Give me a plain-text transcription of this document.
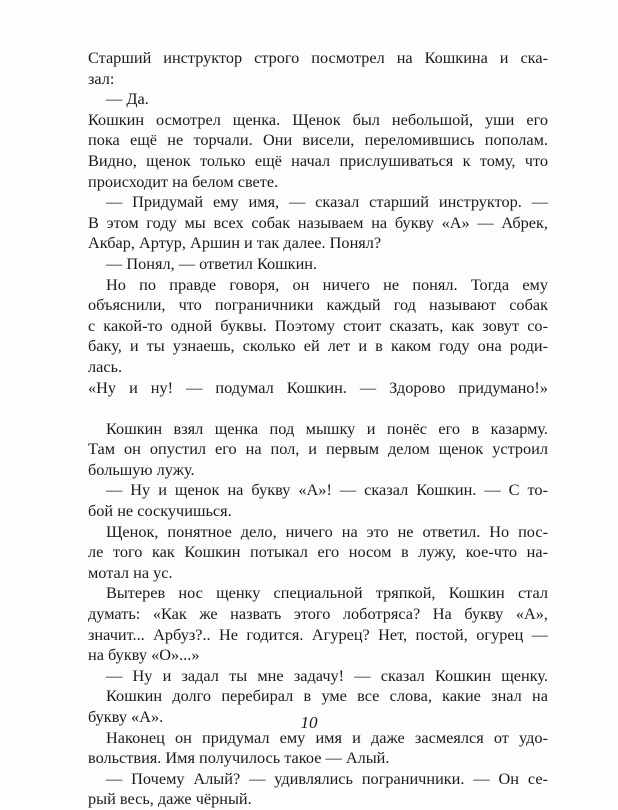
Старший инструктор строго посмотрел на Кошкина и ска-
зал:
— Да.
Кошкин осмотрел щенка. Щенок был небольшой, уши его
пока ещё не торчали. Они висели, переломившись пополам.
Видно, щенок только ещё начал прислушиваться к тому, что
происходит на белом свете.
— Придумай ему имя, — сказал старший инструктор. —
В этом году мы всех собак называем на букву «А» — Абрек,
Акбар, Артур, Аршин и так далее. Понял?
— Понял, — ответил Кошкин.
Но по правде говоря, он ничего не понял. Тогда ему
объяснили, что пограничники каждый год называют собак
с какой-то одной буквы. Поэтому стоит сказать, как зовут со-
баку, и ты узнаешь, сколько ей лет и в каком году она роди-
лась.
«Ну и ну! — подумал Кошкин. — Здорово придумано!»
Кошкин взял щенка под мышку и понёс его в казарму.
Там он опустил его на пол, и первым делом щенок устроил
большую лужу.
— Ну и щенок на букву «А»! — сказал Кошкин. — С то-
бой не соскучишься.
Щенок, понятное дело, ничего на это не ответил. Но пос-
ле того как Кошкин потыкал его носом в лужу, кое-что на-
мотал на ус.
Вытерев нос щенку специальной тряпкой, Кошкин стал
думать: «Как же назвать этого лоботряса? На букву «А»,
значит... Арбуз?.. Не годится. Агурец? Нет, постой, огурец —
на букву «О»...»
— Ну и задал ты мне задачу! — сказал Кошкин щенку.
Кошкин долго перебирал в уме все слова, какие знал на
букву «А».
Наконец он придумал ему имя и даже засмеялся от удо-
вольствия. Имя получилось такое — Алый.
— Почему Алый? — удивлялись пограничники. — Он се-
рый весь, даже чёрный.
10
